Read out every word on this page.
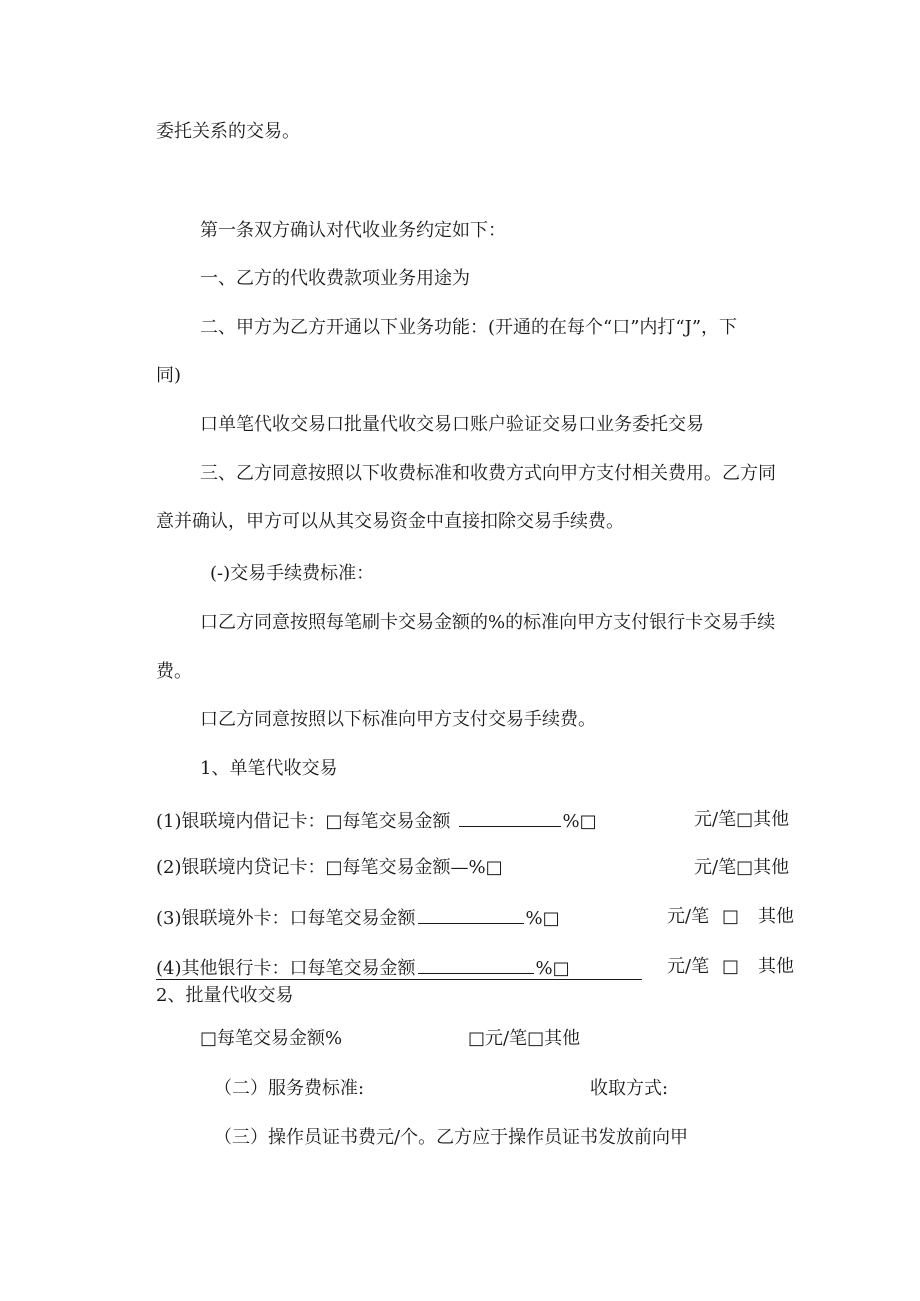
委托关系的交易。
第一条双方确认对代收业务约定如下：
一、乙方的代收费款项业务用途为
二、甲方为乙方开通以下业务功能：(开通的在每个“口”内打“J”，下
同)
口单笔代收交易口批量代收交易口账户验证交易口业务委托交易
三、乙方同意按照以下收费标准和收费方式向甲方支付相关费用。乙方同
意并确认，甲方可以从其交易资金中直接扣除交易手续费。
(-)交易手续费标准：
口乙方同意按照每笔刷卡交易金额的%的标准向甲方支付银行卡交易手续
费。
口乙方同意按照以下标准向甲方支付交易手续费。
1、单笔代收交易
(1)银联境内借记卡：□每笔交易金额	%□	元/笔□其他
(2)银联境内贷记卡：□每笔交易金额—%□	元/笔□其他
(3)银联境外卡：口每笔交易金额	%□	元/笔 □ 其他
(4)其他银行卡：口每笔交易金额	%□	元/笔 □ 其他
2、批量代收交易
□每笔交易金额%	□元/笔□其他
（二）服务费标准:	收取方式:
（三）操作员证书费元/个。乙方应于操作员证书发放前向甲
